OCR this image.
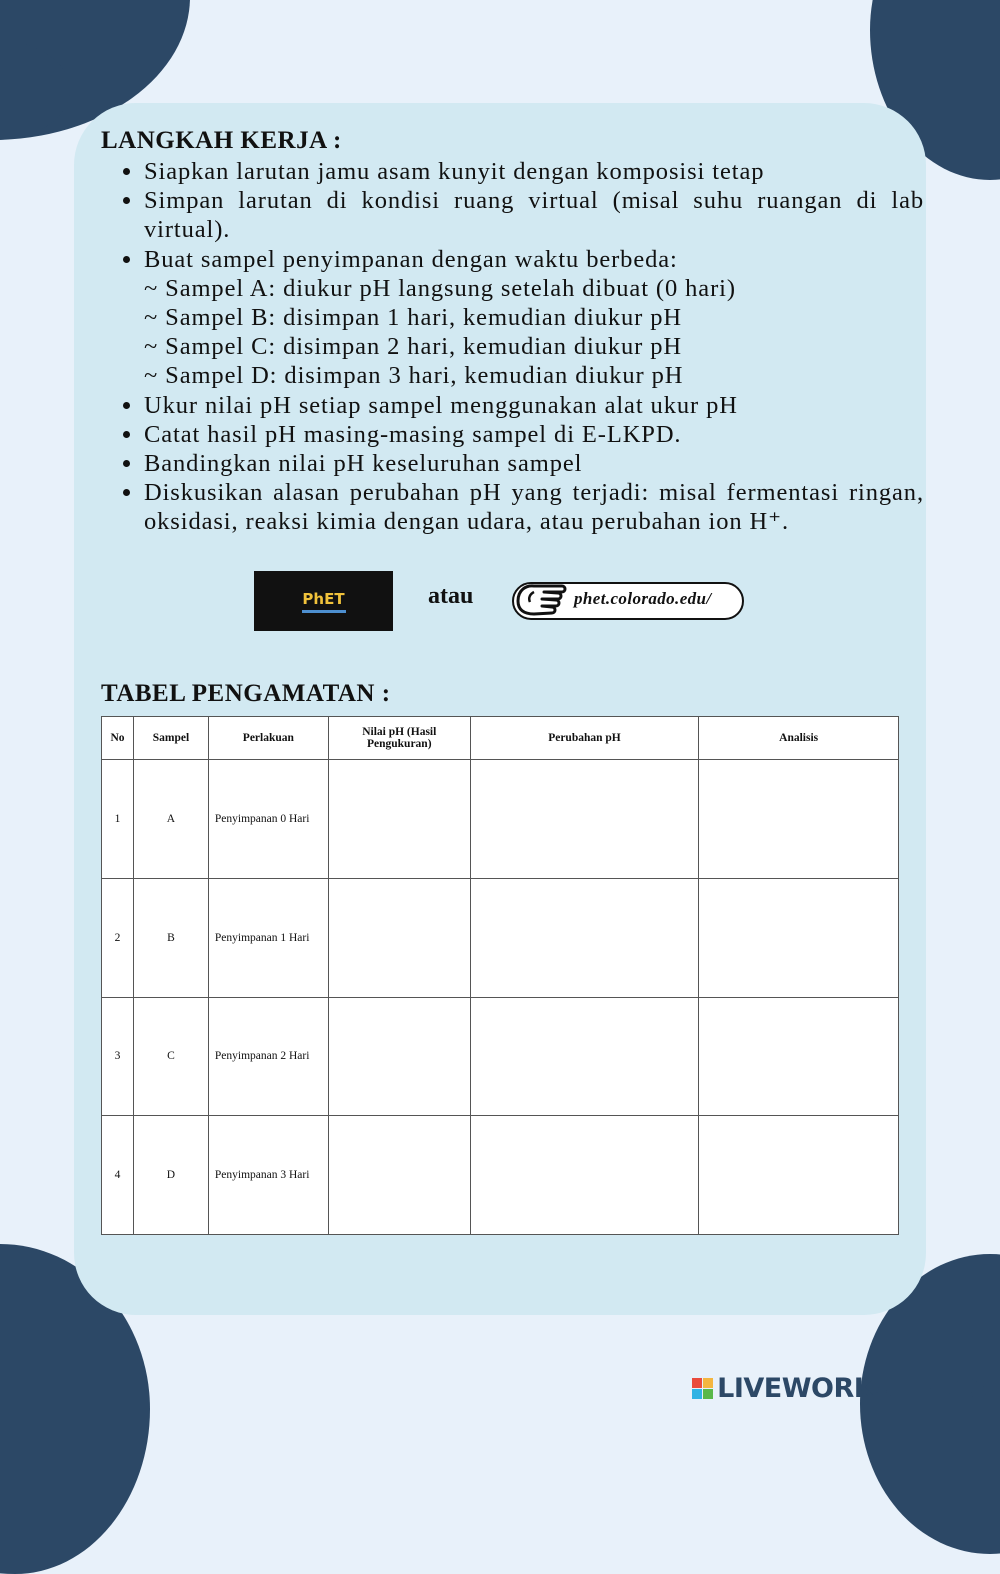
LANGKAH KERJA :
• Siapkan larutan jamu asam kunyit dengan komposisi tetap
• Simpan larutan di kondisi ruang virtual (misal suhu ruangan di lab virtual).
• Buat sampel penyimpanan dengan waktu berbeda:
~ Sampel A: diukur pH langsung setelah dibuat (0 hari)
~ Sampel B: disimpan 1 hari, kemudian diukur pH
~ Sampel C: disimpan 2 hari, kemudian diukur pH
~ Sampel D: disimpan 3 hari, kemudian diukur pH
• Ukur nilai pH setiap sampel menggunakan alat ukur pH
• Catat hasil pH masing-masing sampel di E-LKPD.
• Bandingkan nilai pH keseluruhan sampel
• Diskusikan alasan perubahan pH yang terjadi: misal fermentasi ringan, oksidasi, reaksi kimia dengan udara, atau perubahan ion H⁺.
PhET	atau	phet.colorado.edu/
TABEL PENGAMATAN :
No	Sampel	Perlakuan	Nilai pH (Hasil Pengukuran)	Perubahan pH	Analisis
1	A	Penyimpanan 0 Hari			
2	B	Penyimpanan 1 Hari			
3	C	Penyimpanan 2 Hari			
4	D	Penyimpanan 3 Hari			
LIVEWORKSHEETS
